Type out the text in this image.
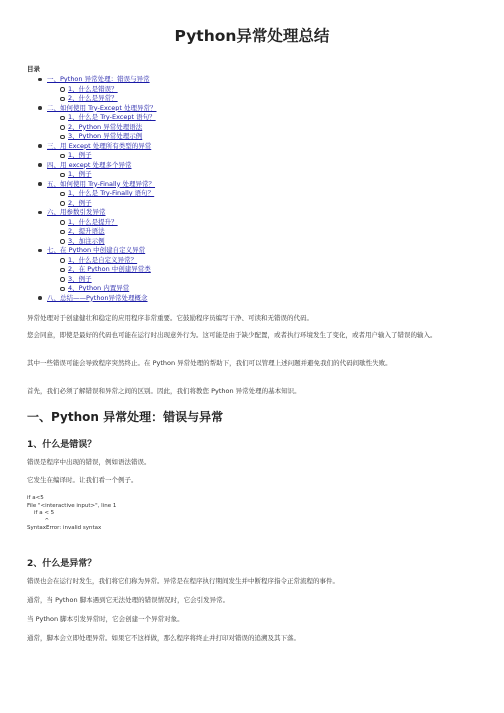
Python异常处理总结
目录
一、Python 异常处理：错误与异常
1、什么是错误？
2、什么是异常？
二、如何使用 Try-Except 处理异常？
1、什么是 Try-Except 语句？
2、Python 异常处理语法
3、Python 异常处理示例
三、用 Except 处理所有类型的异常
1、例子
四、用 except 处理多个异常
1、例子
五、如何使用 Try-Finally 处理异常？
1、什么是 Try-Finally 语句？
2、例子
六、用参数引发异常
1、什么是提升？
2、提升语法
3、加注示例
七、在 Python 中创建自定义异常
1、什么是自定义异常？
2、在 Python 中创建异常类
3、例子
4、Python 内置异常
八、总结——Python异常处理概念

异常处理对于创建健壮和稳定的应用程序非常重要。它鼓励程序员编写干净、可读和无错误的代码。

您会同意，即使是最好的代码也可能在运行时出现意外行为。这可能是由于缺少配置，或者执行环境发生了变化，或者用户输入了错误的输入。

其中一些错误可能会导致程序突然终止。在 Python 异常处理的帮助下，我们可以管理上述问题并避免我们的代码间歇性失败。

首先，我们必须了解错误和异常之间的区别。因此，我们将教您 Python 异常处理的基本知识。

一、Python 异常处理：错误与异常
1、什么是错误？

错误是程序中出现的错误，例如语法错误。

它发生在编译时。让我们看一个例子。

if a<5
File "<interactive input>", line 1
if a < 5
^
SyntaxError: invalid syntax
2、什么是异常？

错误也会在运行时发生，我们将它们称为异常。异常是在程序执行期间发生并中断程序指令正常流程的事件。

通常，当 Python 脚本遇到它无法处理的错误情况时，它会引发异常。

当 Python 脚本引发异常时，它会创建一个异常对象。

通常，脚本会立即处理异常。如果它不这样做，那么程序将终止并打印对错误的追溯及其下落。
